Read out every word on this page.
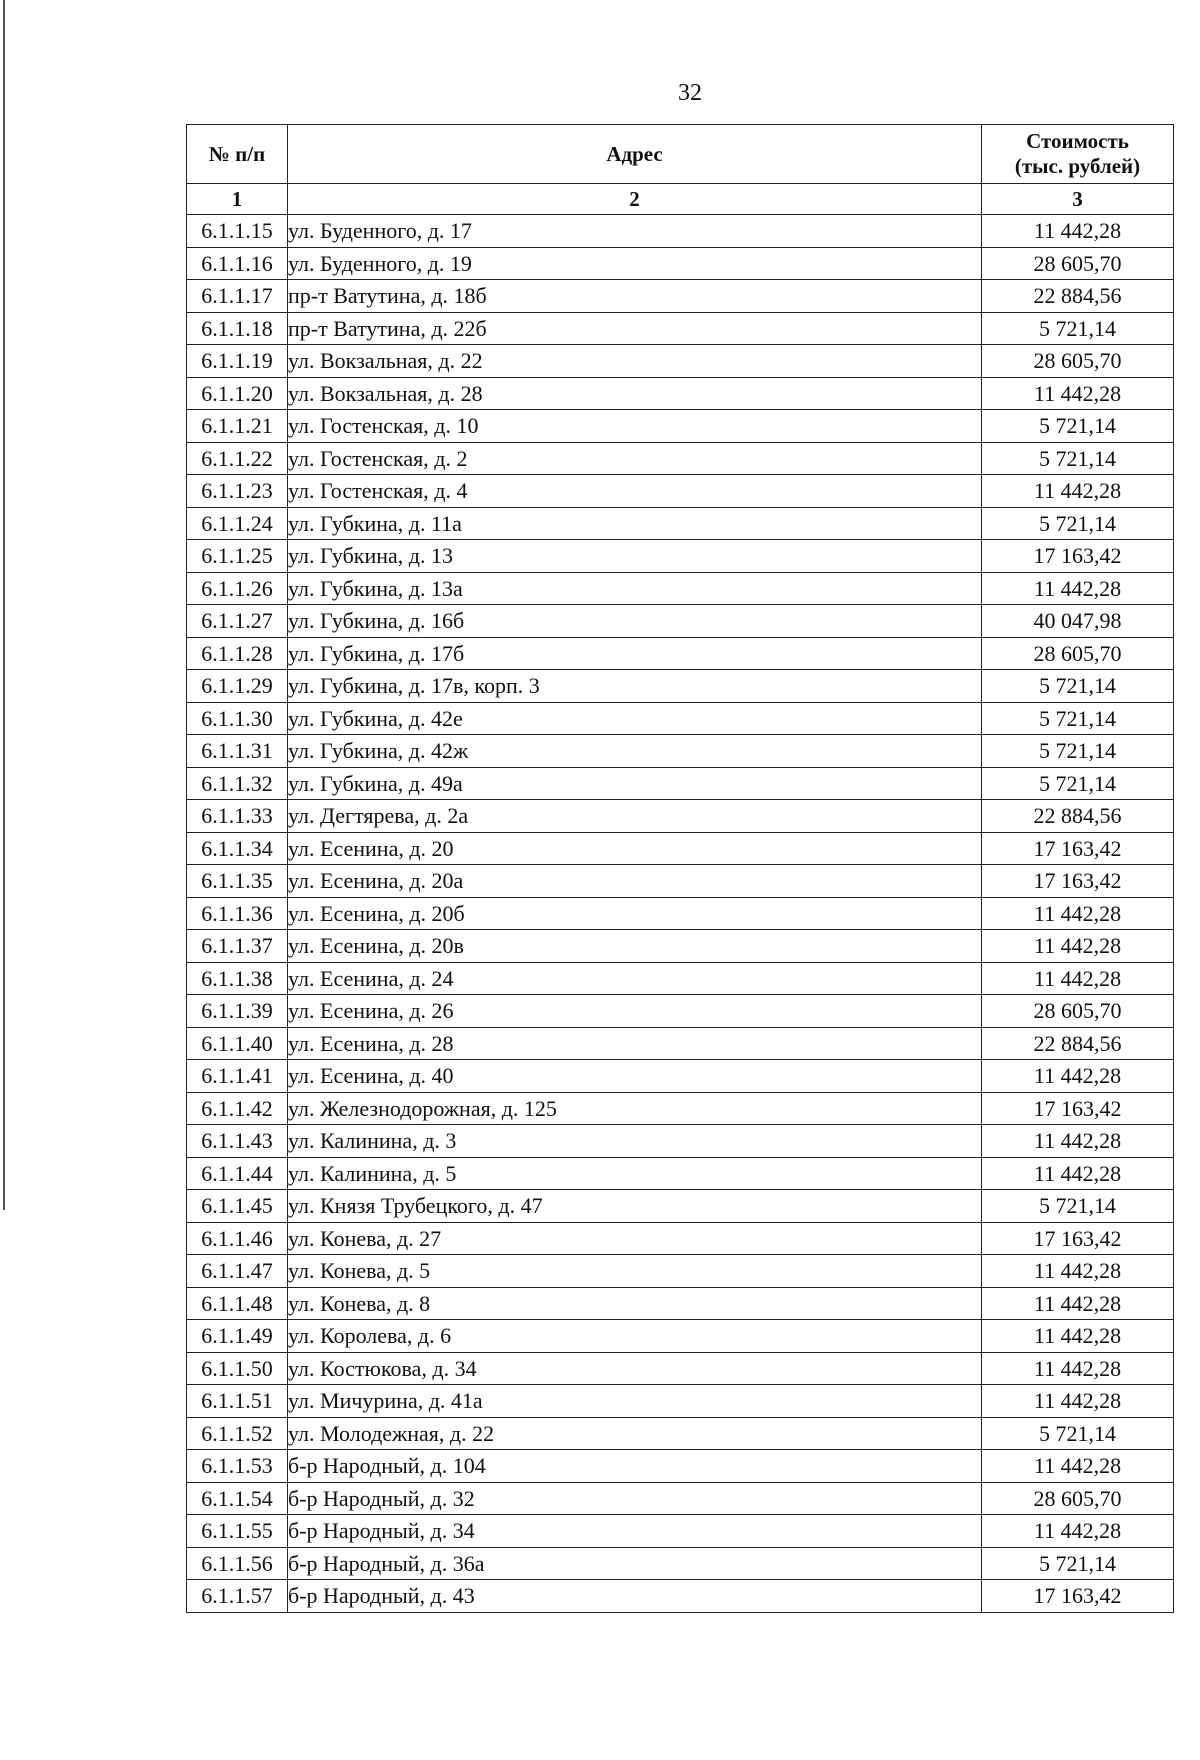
32
№ п/п	Адрес	Стоимость
(тыс. рублей)

1	2	3
6.1.1.15	ул. Буденного, д. 17	11 442,28
6.1.1.16	ул. Буденного, д. 19	28 605,70
6.1.1.17	пр-т Ватутина, д. 18б	22 884,56
6.1.1.18	пр-т Ватутина, д. 22б	5 721,14
6.1.1.19	ул. Вокзальная, д. 22	28 605,70
6.1.1.20	ул. Вокзальная, д. 28	11 442,28
6.1.1.21	ул. Гостенская, д. 10	5 721,14
6.1.1.22	ул. Гостенская, д. 2	5 721,14
6.1.1.23	ул. Гостенская, д. 4	11 442,28
6.1.1.24	ул. Губкина, д. 11а	5 721,14
6.1.1.25	ул. Губкина, д. 13	17 163,42
6.1.1.26	ул. Губкина, д. 13а	11 442,28
6.1.1.27	ул. Губкина, д. 16б	40 047,98
6.1.1.28	ул. Губкина, д. 17б	28 605,70
6.1.1.29	ул. Губкина, д. 17в, корп. 3	5 721,14
6.1.1.30	ул. Губкина, д. 42е	5 721,14
6.1.1.31	ул. Губкина, д. 42ж	5 721,14
6.1.1.32	ул. Губкина, д. 49а	5 721,14
6.1.1.33	ул. Дегтярева, д. 2а	22 884,56
6.1.1.34	ул. Есенина, д. 20	17 163,42
6.1.1.35	ул. Есенина, д. 20а	17 163,42
6.1.1.36	ул. Есенина, д. 20б	11 442,28
6.1.1.37	ул. Есенина, д. 20в	11 442,28
6.1.1.38	ул. Есенина, д. 24	11 442,28
6.1.1.39	ул. Есенина, д. 26	28 605,70
6.1.1.40	ул. Есенина, д. 28	22 884,56
6.1.1.41	ул. Есенина, д. 40	11 442,28
6.1.1.42	ул. Железнодорожная, д. 125	17 163,42
6.1.1.43	ул. Калинина, д. 3	11 442,28
6.1.1.44	ул. Калинина, д. 5	11 442,28
6.1.1.45	ул. Князя Трубецкого, д. 47	5 721,14
6.1.1.46	ул. Конева, д. 27	17 163,42
6.1.1.47	ул. Конева, д. 5	11 442,28
6.1.1.48	ул. Конева, д. 8	11 442,28
6.1.1.49	ул. Королева, д. 6	11 442,28
6.1.1.50	ул. Костюкова, д. 34	11 442,28
6.1.1.51	ул. Мичурина, д. 41а	11 442,28
6.1.1.52	ул. Молодежная, д. 22	5 721,14
6.1.1.53	б-р Народный, д. 104	11 442,28
6.1.1.54	б-р Народный, д. 32	28 605,70
6.1.1.55	б-р Народный, д. 34	11 442,28
6.1.1.56	б-р Народный, д. 36а	5 721,14
6.1.1.57	б-р Народный, д. 43	17 163,42
